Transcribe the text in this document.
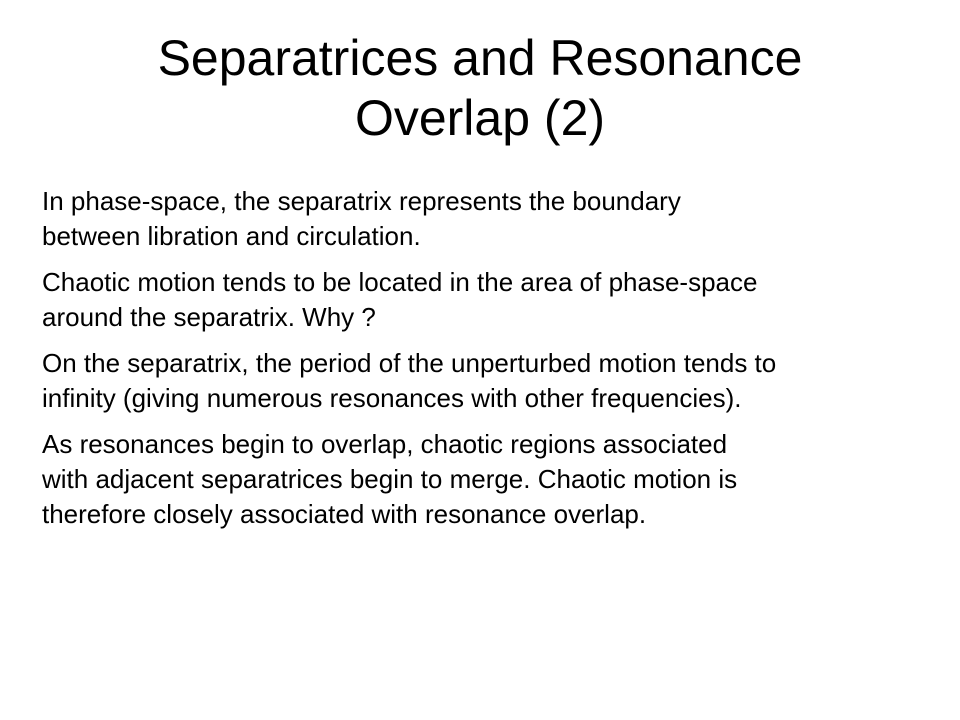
Separatrices and Resonance
Overlap (2)

In phase-space, the separatrix represents the boundary
between libration and circulation.

Chaotic motion tends to be located in the area of phase-space
around the separatrix. Why ?

On the separatrix, the period of the unperturbed motion tends to
infinity (giving numerous resonances with other frequencies).

As resonances begin to overlap, chaotic regions associated
with adjacent separatrices begin to merge. Chaotic motion is
therefore closely associated with resonance overlap.
